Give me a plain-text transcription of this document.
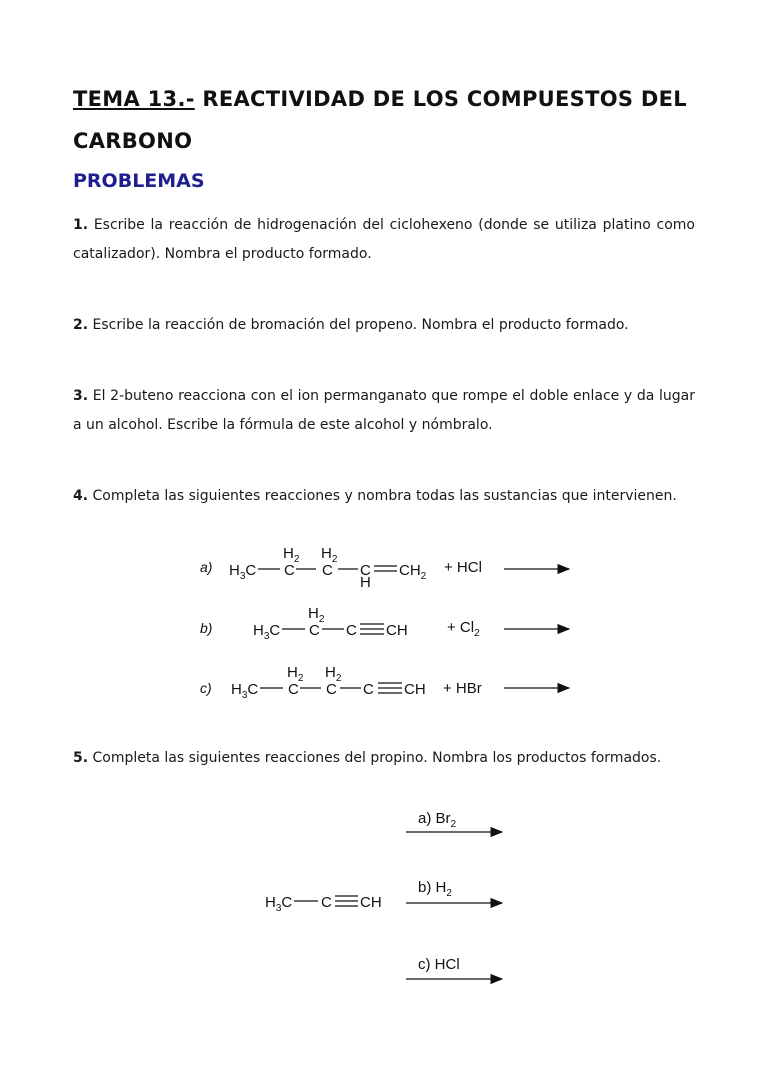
TEMA 13.- REACTIVIDAD DE LOS COMPUESTOS DEL CARBONO
PROBLEMAS
1. Escribe la reacción de hidrogenación del ciclohexeno (donde se utiliza platino como catalizador). Nombra el producto formado.
2. Escribe la reacción de bromación del propeno. Nombra el producto formado.
3. El 2-buteno reacciona con el ion permanganato que rompe el doble enlace y da lugar a un alcohol. Escribe la fórmula de este alcohol y nómbralo.
4. Completa las siguientes reacciones y nombra todas las sustancias que intervienen.
5. Completa las siguientes reacciones del propino. Nombra los productos formados.
a) $H_3C$
$H_2$
C
$H_2$
C C
H
$CH_2$
+ HCl
b)	$H_3C$
$H_2$
C C CH	+ $Cl_2$
c) $H_3C$
$H_2$
C
$H_2$
C C CH + HBr
$H_3C$ C CH
a) $Br_2$
b) $H_2$
c) HCl
